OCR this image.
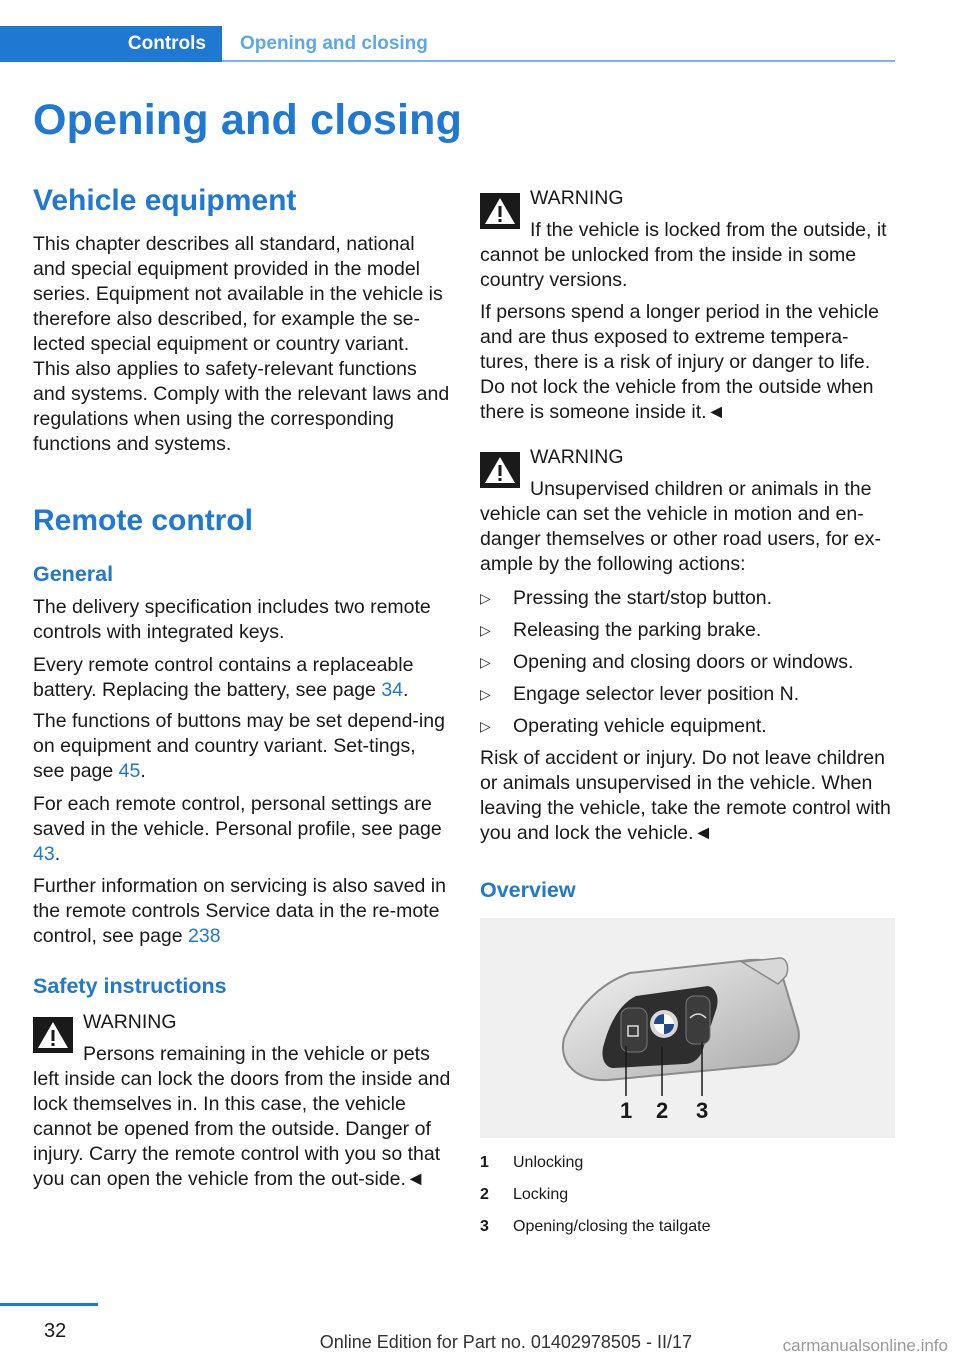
Controls	Opening and closing
Opening and closing
Vehicle equipment

This chapter describes all standard, national and special equipment provided in the model series. Equipment not available in the vehicle is therefore also described, for example the se-lected special equipment or country variant. This also applies to safety-relevant functions and systems. Comply with the relevant laws and regulations when using the corresponding functions and systems.

Remote control
General

The delivery specification includes two remote controls with integrated keys.

Every remote control contains a replaceable battery. Replacing the battery, see page 34.

The functions of buttons may be set depend-ing on equipment and country variant. Set-tings, see page 45.

For each remote control, personal settings are saved in the vehicle. Personal profile, see page 43.

Further information on servicing is also saved in the remote controls Service data in the re-mote control, see page 238

Safety instructions
WARNING

Persons remaining in the vehicle or pets left inside can lock the doors from the inside and lock themselves in. In this case, the vehicle cannot be opened from the outside. Danger of injury. Carry the remote control with you so that you can open the vehicle from the out-side.◄

WARNING

If the vehicle is locked from the outside, it cannot be unlocked from the inside in some country versions.

If persons spend a longer period in the vehicle and are thus exposed to extreme tempera-tures, there is a risk of injury or danger to life. Do not lock the vehicle from the outside when there is someone inside it.◄

WARNING

Unsupervised children or animals in the vehicle can set the vehicle in motion and en-danger themselves or other road users, for ex-ample by the following actions:

▷ Pressing the start/stop button.
▷ Releasing the parking brake.
▷ Opening and closing doors or windows.
▷ Engage selector lever position N.
▷ Operating vehicle equipment.

Risk of accident or injury. Do not leave children or animals unsupervised in the vehicle. When leaving the vehicle, take the remote control with you and lock the vehicle.◄

Overview
1 2 3
1 Unlocking
2 Locking
3 Opening/closing the tailgate
32	Online Edition for Part no. 01402978505 - II/17	carmanualsonline.info
